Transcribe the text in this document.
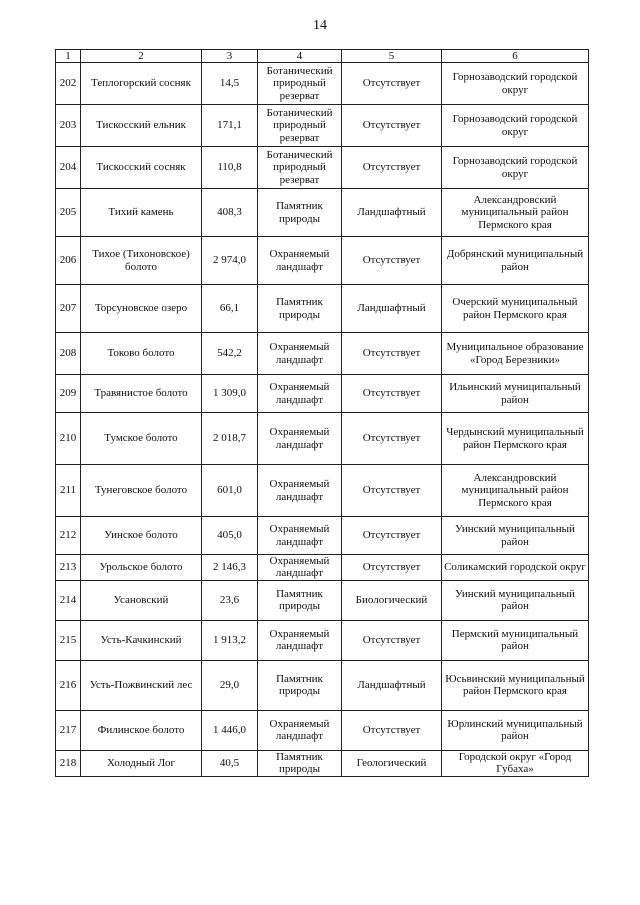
14
1	2	3	4	5	6
202	Теплогорский сосняк	14,5	Ботанический природный резерват	Отсутствует	Горнозаводский городской округ
203	Тискосский ельник	171,1	Ботанический природный резерват	Отсутствует	Горнозаводский городской округ
204	Тискосский сосняк	110,8	Ботанический природный резерват	Отсутствует	Горнозаводский городской округ
205	Тихий камень	408,3	Памятник природы	Ландшафтный	Александровский муниципальный район Пермского края
206	Тихое (Тихоновское) болото	2 974,0	Охраняемый ландшафт	Отсутствует	Добрянский муниципальный район
207	Торсуновское озеро	66,1	Памятник природы	Ландшафтный	Очерский муниципальный район Пермского края
208	Токово болото	542,2	Охраняемый ландшафт	Отсутствует	Муниципальное образование «Город Березники»
209	Травянистое болото	1 309,0	Охраняемый ландшафт	Отсутствует	Ильинский муниципальный район
210	Тумское болото	2 018,7	Охраняемый ландшафт	Отсутствует	Чердынский муниципальный район Пермского края
211	Тунеговское болото	601,0	Охраняемый ландшафт	Отсутствует	Александровский муниципальный район Пермского края
212	Уинское болото	405,0	Охраняемый ландшафт	Отсутствует	Уинский муниципальный район
213	Урольское болото	2 146,3	Охраняемый ландшафт	Отсутствует	Соликамский городской округ
214	Усановский	23,6	Памятник природы	Биологический	Уинский муниципальный район
215	Усть-Качкинский	1 913,2	Охраняемый ландшафт	Отсутствует	Пермский муниципальный район
216	Усть-Пожвинский лес	29,0	Памятник природы	Ландшафтный	Юсьвинский муниципальный район Пермского края
217	Филинское болото	1 446,0	Охраняемый ландшафт	Отсутствует	Юрлинский муниципальный район
218	Холодный Лог	40,5	Памятник природы	Геологический	Городской округ «Город Губаха»
